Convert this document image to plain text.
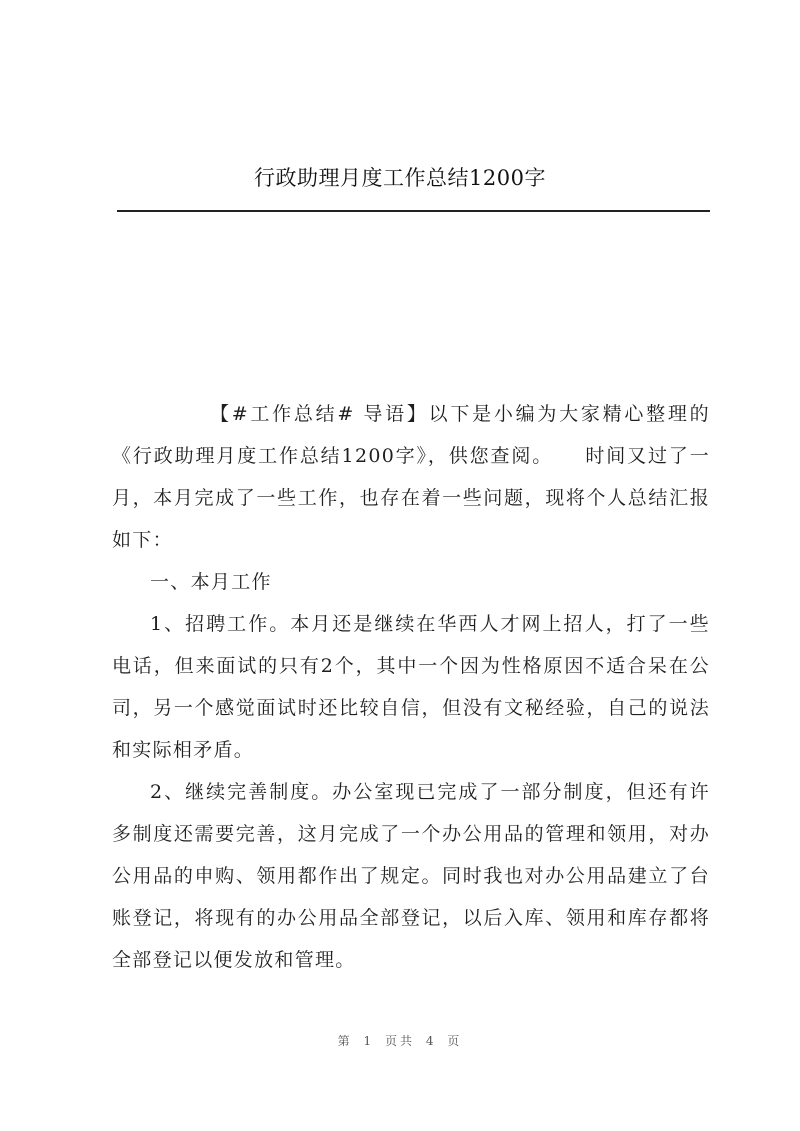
行政助理月度工作总结1200字

【#工作总结# 导语】以下是小编为大家精心整理的《行政助理月度工作总结1200字》，供您查阅。　　时间又过了一月，本月完成了一些工作，也存在着一些问题，现将个人总结汇报如下：

一、本月工作

1、招聘工作。本月还是继续在华西人才网上招人，打了一些电话，但来面试的只有2个，其中一个因为性格原因不适合呆在公司，另一个感觉面试时还比较自信，但没有文秘经验，自己的说法和实际相矛盾。

2、继续完善制度。办公室现已完成了一部分制度，但还有许多制度还需要完善，这月完成了一个办公用品的管理和领用，对办公用品的申购、领用都作出了规定。同时我也对办公用品建立了台账登记，将现有的办公用品全部登记，以后入库、领用和库存都将全部登记以便发放和管理。

第 1 页共 4 页
